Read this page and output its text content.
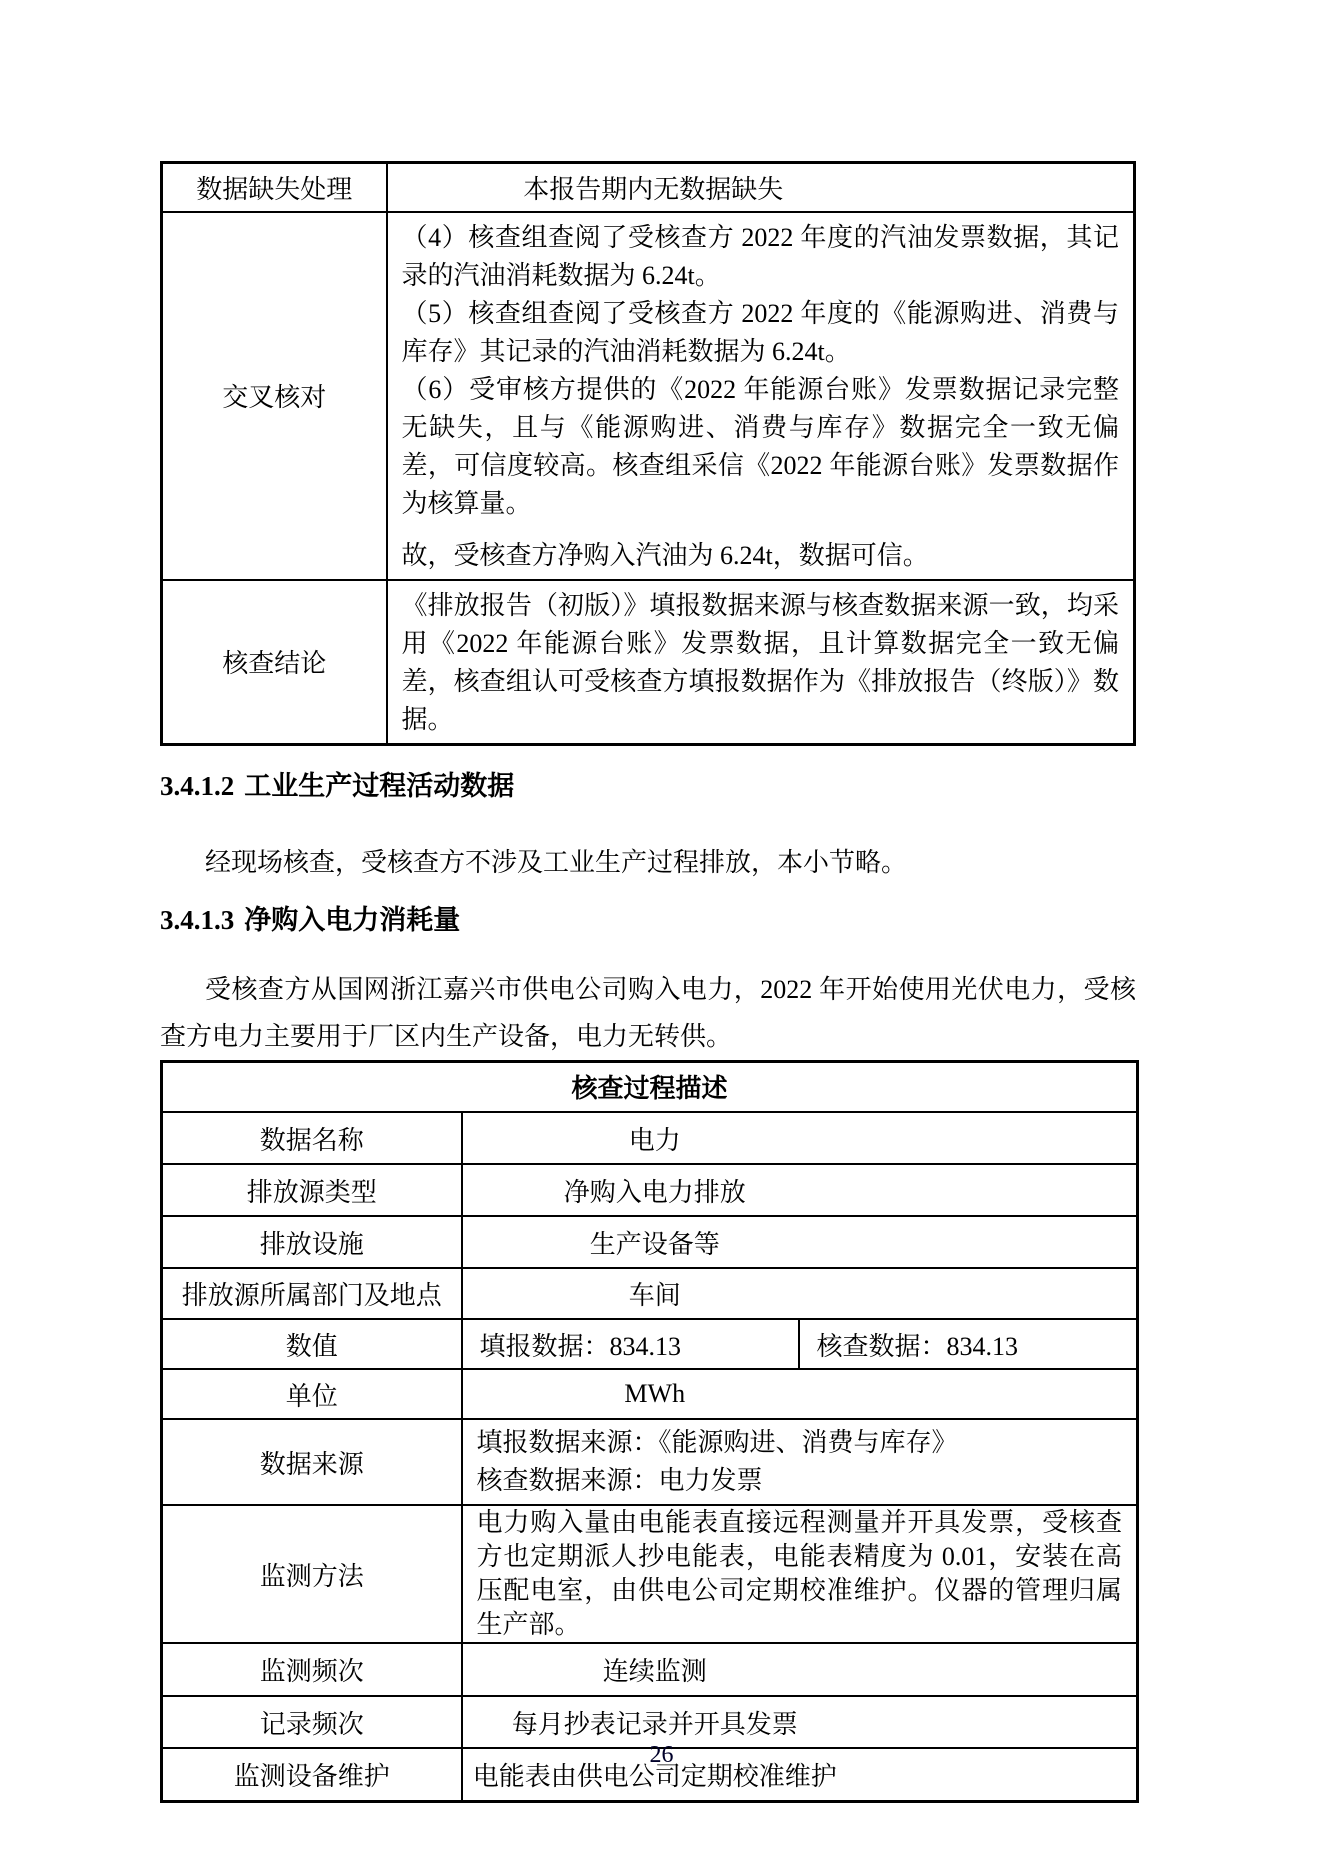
数据缺失处理	本报告期内无数据缺失
交叉核对	（4）核查组查阅了受核查方 2022 年度的汽油发票数据，其记录的汽油消耗数据为 6.24t。

（5）核查组查阅了受核查方 2022 年度的《能源购进、消费与库存》其记录的汽油消耗数据为 6.24t。

（6）受审核方提供的《2022 年能源台账》发票数据记录完整无缺失，且与《能源购进、消费与库存》数据完全一致无偏差，可信度较高。核查组采信《2022 年能源台账》发票数据作为核算量。

故，受核查方净购入汽油为 6.24t，数据可信。

核查结论	《排放报告（初版）》填报数据来源与核查数据来源一致，均采用《2022 年能源台账》发票数据，且计算数据完全一致无偏差，核查组认可受核查方填报数据作为《排放报告（终版）》数据。
3.4.1.2 工业生产过程活动数据

经现场核查，受核查方不涉及工业生产过程排放，本小节略。

3.4.1.3 净购入电力消耗量

受核查方从国网浙江嘉兴市供电公司购入电力，2022 年开始使用光伏电力，受核查方电力主要用于厂区内生产设备，电力无转供。

核查过程描述		
数据名称	电力	
排放源类型	净购入电力排放	
排放设施	生产设备等	
排放源所属部门及地点	车间	
数值	填报数据：834.13	核查数据：834.13
单位	MWh	
数据来源	填报数据来源：《能源购进、消费与库存》

核查数据来源：电力发票	

监测方法	电力购入量由电能表直接远程测量并开具发票，受核查方也定期派人抄电能表，电能表精度为 0.01，安装在高压配电室，由供电公司定期校准维护。仪器的管理归属生产部。	
监测频次	连续监测	
记录频次	每月抄表记录并开具发票	
监测设备维护	电能表由供电公司定期校准维护	
26
